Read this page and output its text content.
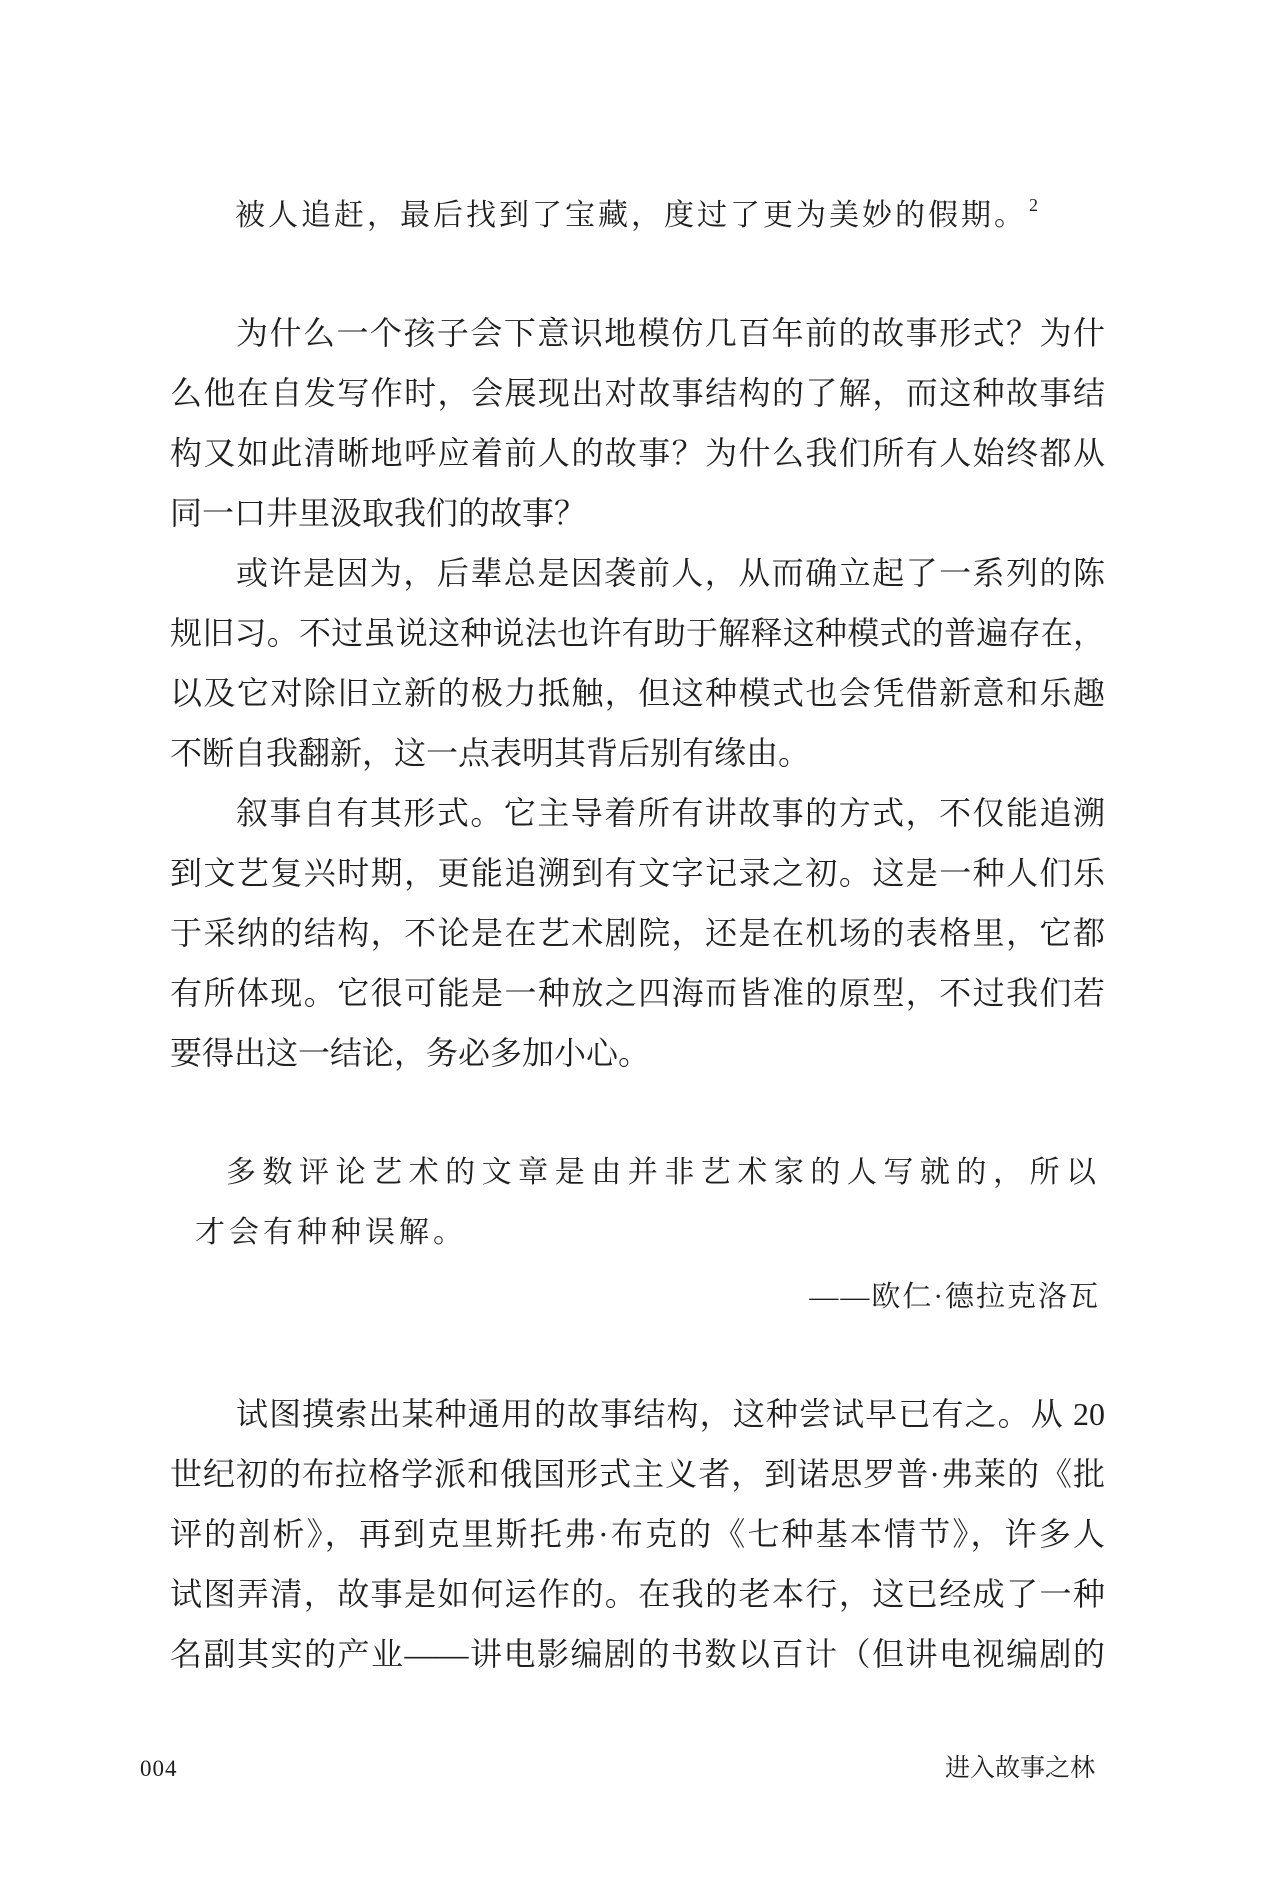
被人追赶，最后找到了宝藏，度过了更为美妙的假期。 $^2$
为什么一个孩子会下意识地模仿几百年前的故事形式？为什
么他在自发写作时，会展现出对故事结构的了解，而这种故事结
构又如此清晰地呼应着前人的故事？为什么我们所有人始终都从
同一口井里汲取我们的故事？
或许是因为，后辈总是因袭前人，从而确立起了一系列的陈
规旧习。不过虽说这种说法也许有助于解释这种模式的普遍存在，
以及它对除旧立新的极力抵触，但这种模式也会凭借新意和乐趣
不断自我翻新，这一点表明其背后别有缘由。
叙事自有其形式。它主导着所有讲故事的方式，不仅能追溯
到文艺复兴时期，更能追溯到有文字记录之初。这是一种人们乐
于采纳的结构，不论是在艺术剧院，还是在机场的表格里，它都
有所体现。它很可能是一种放之四海而皆准的原型，不过我们若
要得出这一结论，务必多加小心。
多数评论艺术的文章是由并非艺术家的人写就的，所以
才会有种种误解。
——欧仁·德拉克洛瓦
试图摸索出某种通用的故事结构，这种尝试早已有之。从 20
世纪初的布拉格学派和俄国形式主义者，到诺思罗普·弗莱的《批
评的剖析》，再到克里斯托弗·布克的《七种基本情节》，许多人
试图弄清，故事是如何运作的。在我的老本行，这已经成了一种
名副其实的产业——讲电影编剧的书数以百计（但讲电视编剧的
004	进入故事之林
